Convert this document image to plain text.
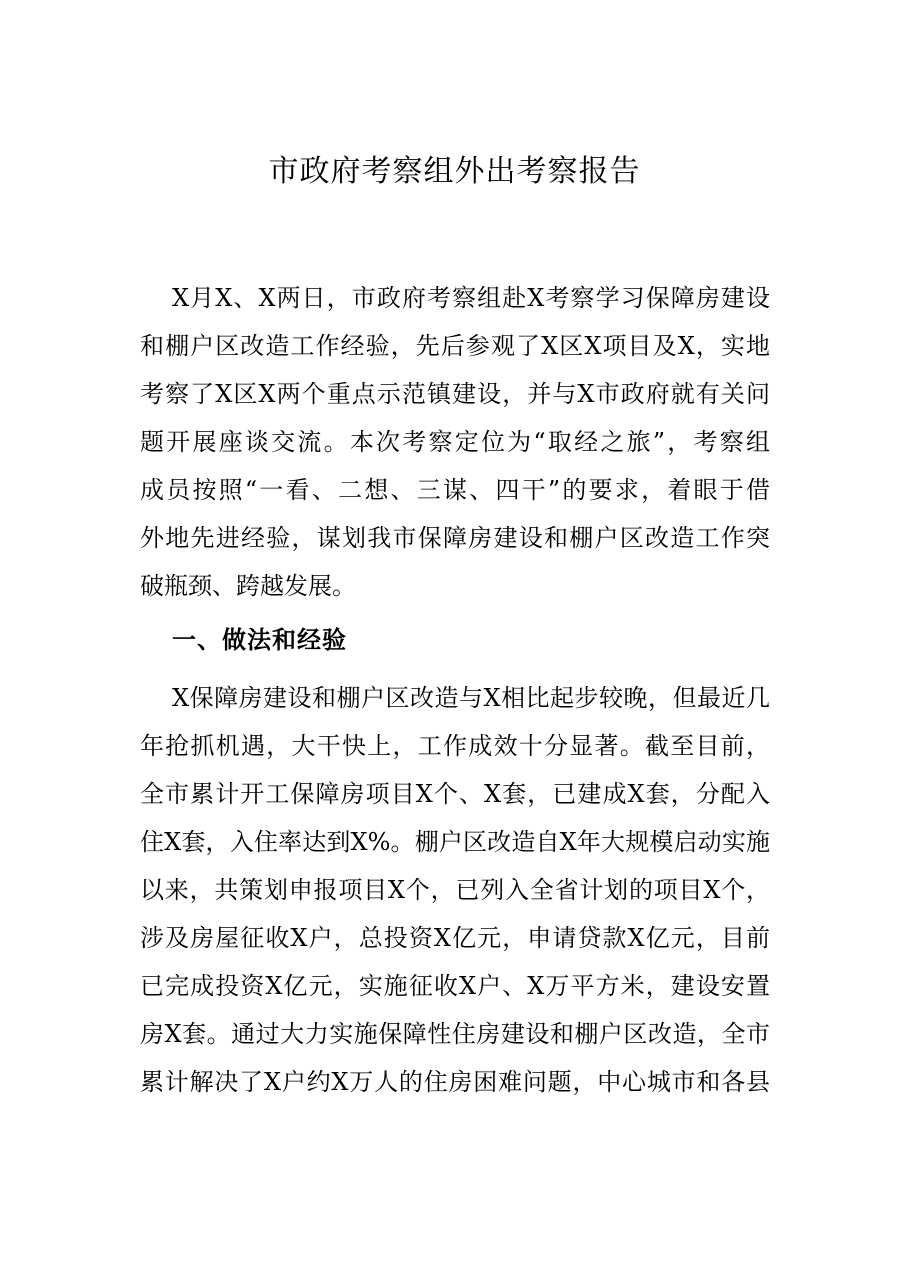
市政府考察组外出考察报告

X月X、X两日，市政府考察组赴X考察学习保障房建设

和棚户区改造工作经验，先后参观了X区X项目及X，实地

考察了X区X两个重点示范镇建设，并与X市政府就有关问

题开展座谈交流。本次考察定位为“取经之旅”，考察组

成员按照“一看、二想、三谋、四干”的要求，着眼于借

外地先进经验，谋划我市保障房建设和棚户区改造工作突

破瓶颈、跨越发展。

一、做法和经验

X保障房建设和棚户区改造与X相比起步较晚，但最近几

年抢抓机遇，大干快上，工作成效十分显著。截至目前，

全市累计开工保障房项目X个、X套，已建成X套，分配入

住X套，入住率达到X%。棚户区改造自X年大规模启动实施

以来，共策划申报项目X个，已列入全省计划的项目X个，

涉及房屋征收X户，总投资X亿元，申请贷款X亿元，目前

已完成投资X亿元，实施征收X户、X万平方米，建设安置

房X套。通过大力实施保障性住房建设和棚户区改造，全市

累计解决了X户约X万人的住房困难问题，中心城市和各县
